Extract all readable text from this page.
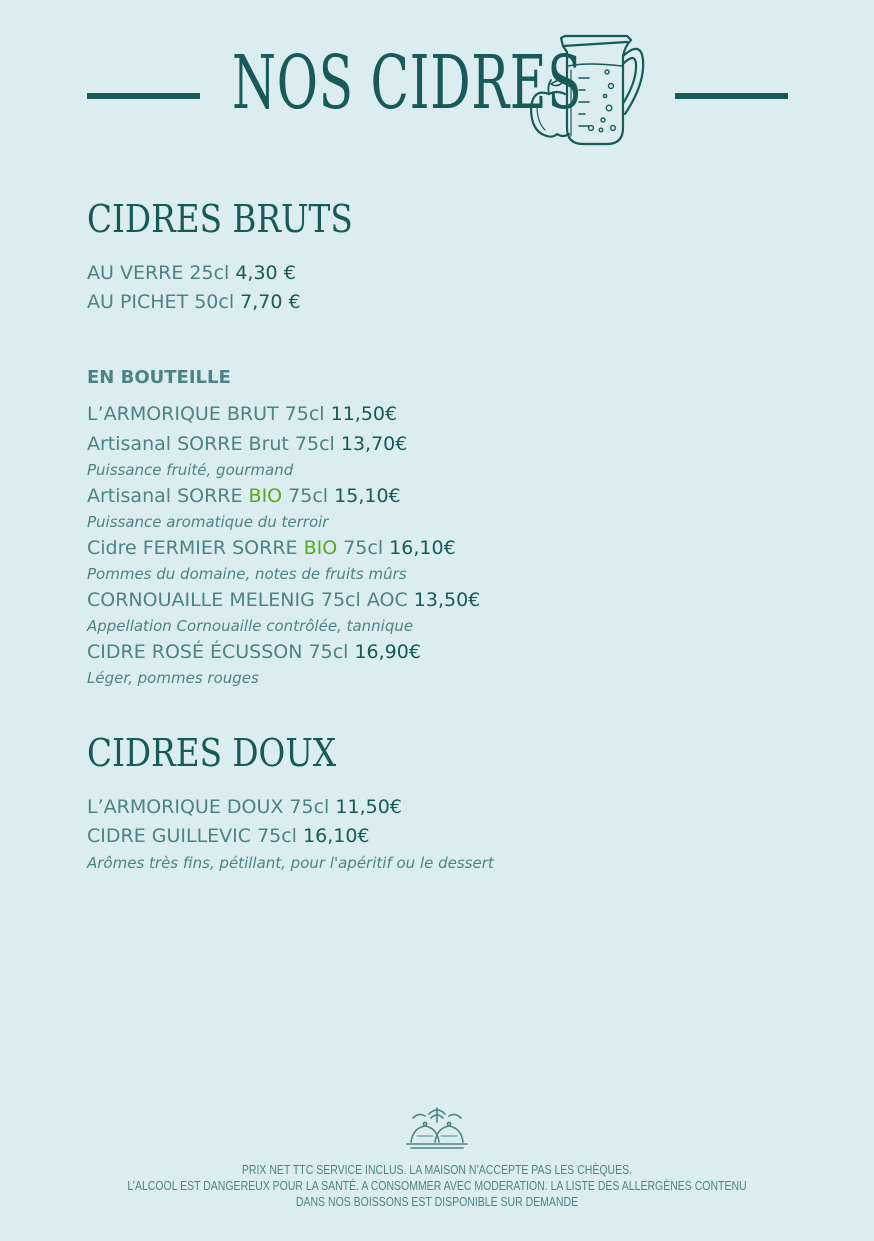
NOS CIDRES
CIDRES BRUTS
AU VERRE 25cl 4,30 €
AU PICHET 50cl 7,70 €
EN BOUTEILLE
L’ARMORIQUE BRUT 75cl 11,50€
Artisanal SORRE Brut 75cl 13,70€
Puissance fruité, gourmand
Artisanal SORRE BIO 75cl 15,10€
Puissance aromatique du terroir
Cidre FERMIER SORRE BIO 75cl 16,10€
Pommes du domaine, notes de fruits mûrs
CORNOUAILLE MELENIG 75cl AOC 13,50€
Appellation Cornouaille contrôlée, tannique
CIDRE ROSÉ ÉCUSSON 75cl 16,90€
Léger, pommes rouges
CIDRES DOUX
L’ARMORIQUE DOUX 75cl 11,50€
CIDRE GUILLEVIC 75cl 16,10€
Arômes très fins, pétillant, pour l'apéritif ou le dessert
PRIX NET TTC SERVICE INCLUS. LA MAISON N’ACCEPTE PAS LES CHÈQUES.
L’ALCOOL EST DANGEREUX POUR LA SANTÉ. A CONSOMMER AVEC MODERATION. LA LISTE DES ALLERGÈNES CONTENU
DANS NOS BOISSONS EST DISPONIBLE SUR DEMANDE
